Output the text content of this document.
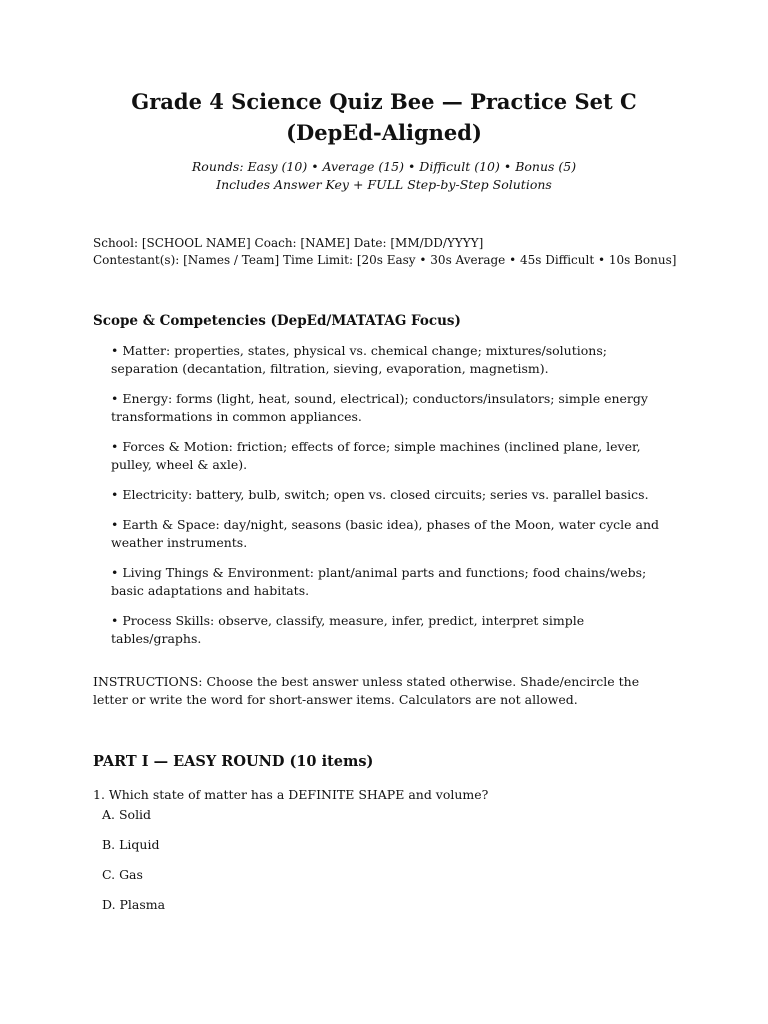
Grade 4 Science Quiz Bee — Practice Set C (DepEd-Aligned)

Rounds: Easy (10) • Average (15) • Difficult (10) • Bonus (5)

Includes Answer Key + FULL Step-by-Step Solutions

School: [SCHOOL NAME] Coach: [NAME] Date: [MM/DD/YYYY]

Contestant(s): [Names / Team] Time Limit: [20s Easy • 30s Average • 45s Difficult • 10s Bonus]

Scope & Competencies (DepEd/MATATAG Focus)
• Matter: properties, states, physical vs. chemical change; mixtures/solutions; separation (decantation, filtration, sieving, evaporation, magnetism).
• Energy: forms (light, heat, sound, electrical); conductors/insulators; simple energy transformations in common appliances.
• Forces & Motion: friction; effects of force; simple machines (inclined plane, lever, pulley, wheel & axle).
• Electricity: battery, bulb, switch; open vs. closed circuits; series vs. parallel basics.
• Earth & Space: day/night, seasons (basic idea), phases of the Moon, water cycle and weather instruments.
• Living Things & Environment: plant/animal parts and functions; food chains/webs; basic adaptations and habitats.
• Process Skills: observe, classify, measure, infer, predict, interpret simple tables/graphs.

INSTRUCTIONS: Choose the best answer unless stated otherwise. Shade/encircle the letter or write the word for short-answer items. Calculators are not allowed.

PART I — EASY ROUND (10 items)

1. Which state of matter has a DEFINITE SHAPE and volume?

A. Solid

B. Liquid

C. Gas

D. Plasma
